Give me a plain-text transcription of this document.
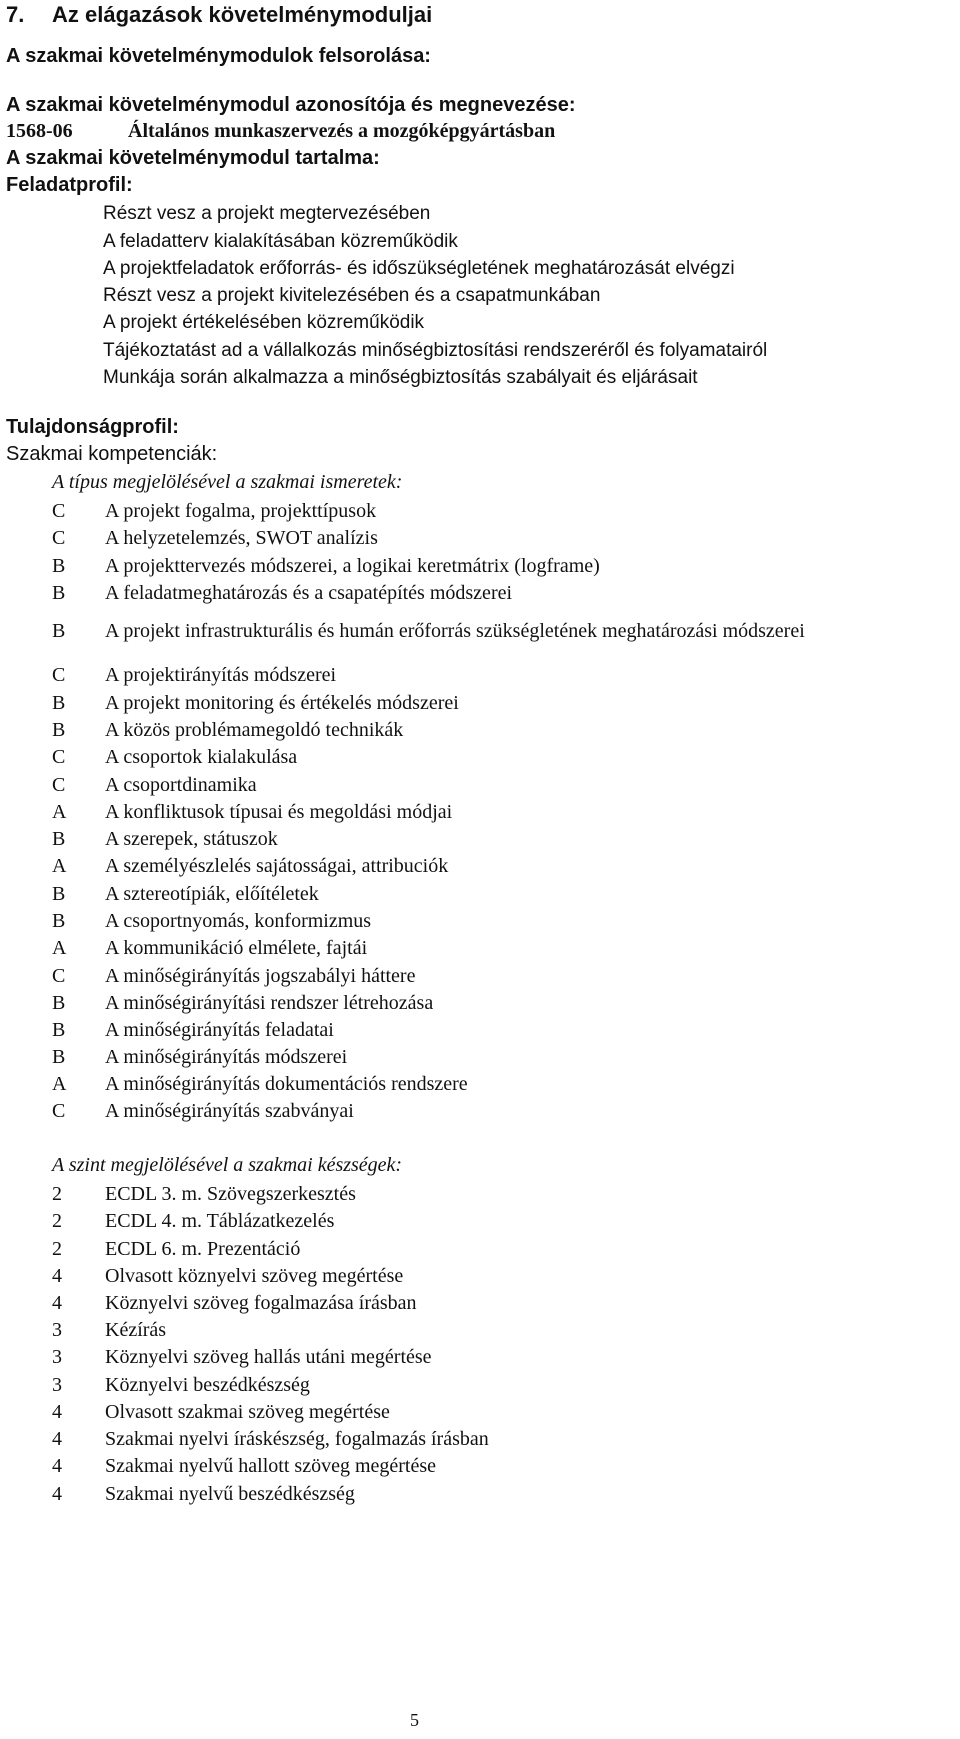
7. Az elágazások követelménymoduljai
A szakmai követelménymodulok felsorolása:
A szakmai követelménymodul azonosítója és megnevezése:
1568-06	Általános munkaszervezés a mozgóképgyártásban
A szakmai követelménymodul tartalma:
Feladatprofil:
Részt vesz a projekt megtervezésében
A feladatterv kialakításában közreműködik
A projektfeladatok erőforrás- és időszükségletének meghatározását elvégzi
Részt vesz a projekt kivitelezésében és a csapatmunkában
A projekt értékelésében közreműködik
Tájékoztatást ad a vállalkozás minőségbiztosítási rendszeréről és folyamatairól
Munkája során alkalmazza a minőségbiztosítás szabályait és eljárásait
Tulajdonságprofil:
Szakmai kompetenciák:
A típus megjelölésével a szakmai ismeretek:
C A projekt fogalma, projekttípusok
C A helyzetelemzés, SWOT analízis
B A projekttervezés módszerei, a logikai keretmátrix (logframe)
B A feladatmeghatározás és a csapatépítés módszerei
B A projekt infrastrukturális és humán erőforrás szükségletének meghatározási módszerei
C A projektirányítás módszerei
B A projekt monitoring és értékelés módszerei
B A közös problémamegoldó technikák
C A csoportok kialakulása
C A csoportdinamika
A A konfliktusok típusai és megoldási módjai
B A szerepek, státuszok
A A személyészlelés sajátosságai, attribuciók
B A sztereotípiák, előítéletek
B A csoportnyomás, konformizmus
A A kommunikáció elmélete, fajtái
C A minőségirányítás jogszabályi háttere
B A minőségirányítási rendszer létrehozása
B A minőségirányítás feladatai
B A minőségirányítás módszerei
A A minőségirányítás dokumentációs rendszere
C A minőségirányítás szabványai
A szint megjelölésével a szakmai készségek:
2 ECDL 3. m. Szövegszerkesztés
2 ECDL 4. m. Táblázatkezelés
2 ECDL 6. m. Prezentáció
4 Olvasott köznyelvi szöveg megértése
4 Köznyelvi szöveg fogalmazása írásban
3 Kézírás
3 Köznyelvi szöveg hallás utáni megértése
3 Köznyelvi beszédkészség
4 Olvasott szakmai szöveg megértése
4 Szakmai nyelvi íráskészség, fogalmazás írásban
4 Szakmai nyelvű hallott szöveg megértése
4 Szakmai nyelvű beszédkészség
5
